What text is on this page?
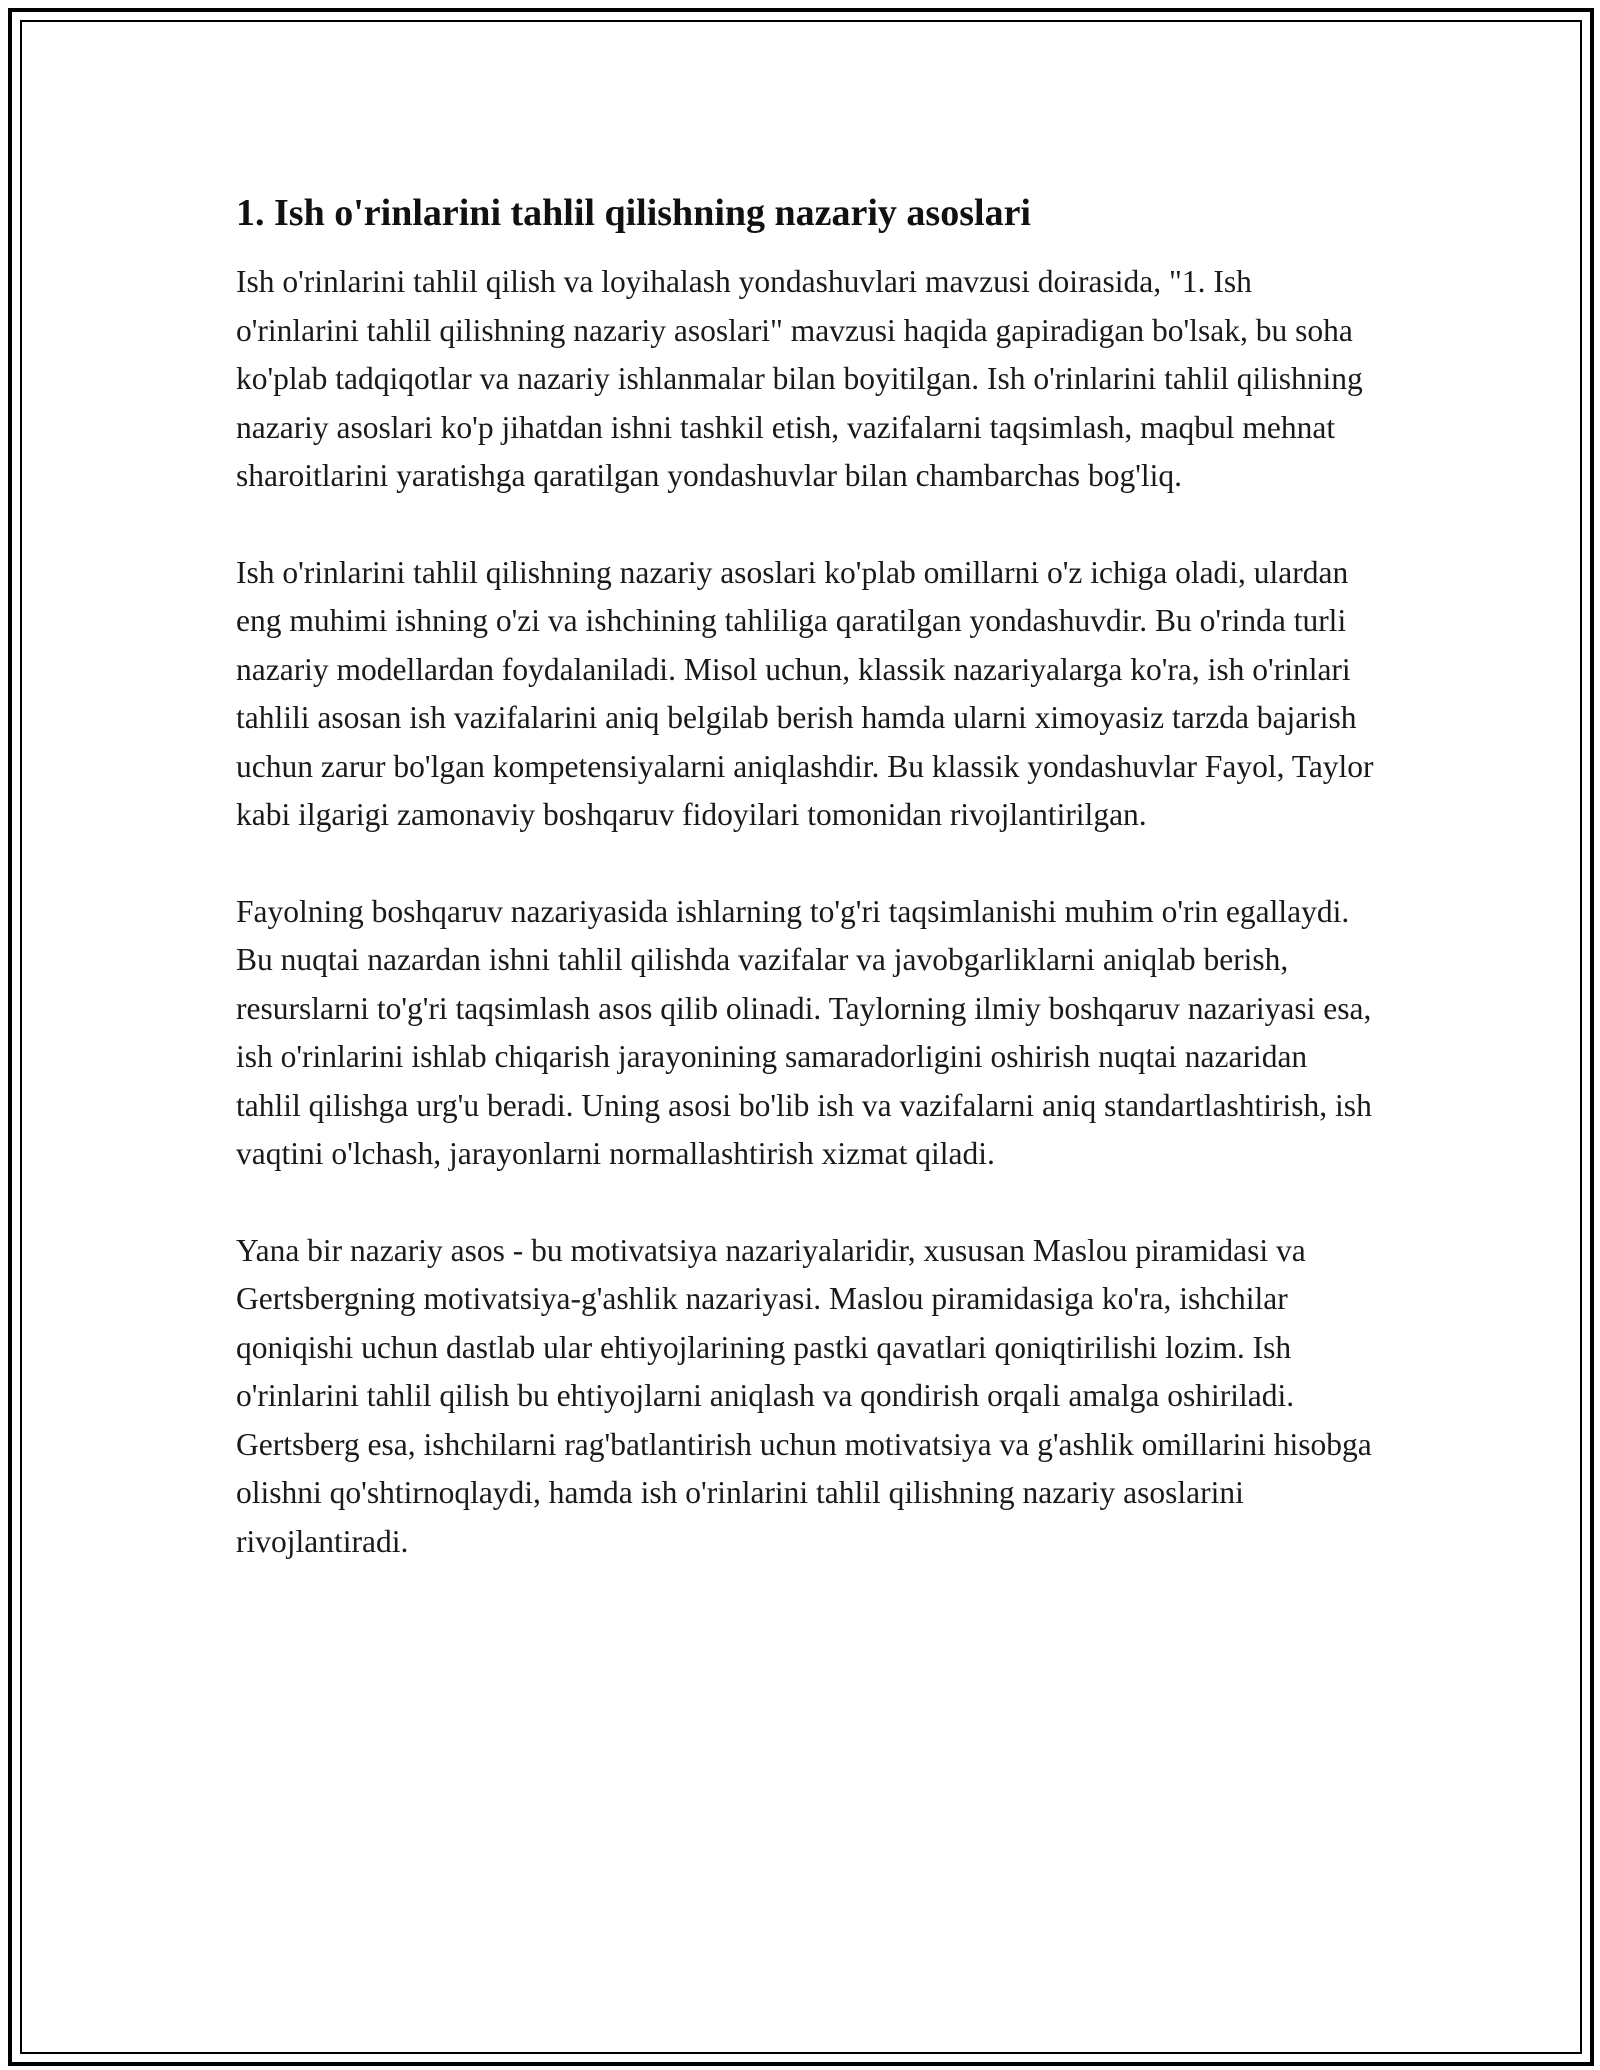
1. Ish o'rinlarini tahlil qilishning nazariy asoslari

Ish o'rinlarini tahlil qilish va loyihalash yondashuvlari mavzusi doirasida, "1. Ish o'rinlarini tahlil qilishning nazariy asoslari" mavzusi haqida gapiradigan bo'lsak, bu soha ko'plab tadqiqotlar va nazariy ishlanmalar bilan boyitilgan. Ish o'rinlarini tahlil qilishning nazariy asoslari ko'p jihatdan ishni tashkil etish, vazifalarni taqsimlash, maqbul mehnat sharoitlarini yaratishga qaratilgan yondashuvlar bilan chambarchas bog'liq.

Ish o'rinlarini tahlil qilishning nazariy asoslari ko'plab omillarni o'z ichiga oladi, ulardan eng muhimi ishning o'zi va ishchining tahliliga qaratilgan yondashuvdir. Bu o'rinda turli nazariy modellardan foydalaniladi. Misol uchun, klassik nazariyalarga ko'ra, ish o'rinlari tahlili asosan ish vazifalarini aniq belgilab berish hamda ularni ximoyasiz tarzda bajarish uchun zarur bo'lgan kompetensiyalarni aniqlashdir. Bu klassik yondashuvlar Fayol, Taylor kabi ilgarigi zamonaviy boshqaruv fidoyilari tomonidan rivojlantirilgan.

Fayolning boshqaruv nazariyasida ishlarning to'g'ri taqsimlanishi muhim o'rin egallaydi. Bu nuqtai nazardan ishni tahlil qilishda vazifalar va javobgarliklarni aniqlab berish, resurslarni to'g'ri taqsimlash asos qilib olinadi. Taylorning ilmiy boshqaruv nazariyasi esa, ish o'rinlarini ishlab chiqarish jarayonining samaradorligini oshirish nuqtai nazaridan tahlil qilishga urg'u beradi. Uning asosi bo'lib ish va vazifalarni aniq standartlashtirish, ish vaqtini o'lchash, jarayonlarni normallashtirish xizmat qiladi.

Yana bir nazariy asos - bu motivatsiya nazariyalaridir, xususan Maslou piramidasi va Gertsbergning motivatsiya-g'ashlik nazariyasi. Maslou piramidasiga ko'ra, ishchilar qoniqishi uchun dastlab ular ehtiyojlarining pastki qavatlari qoniqtirilishi lozim. Ish o'rinlarini tahlil qilish bu ehtiyojlarni aniqlash va qondirish orqali amalga oshiriladi. Gertsberg esa, ishchilarni rag'batlantirish uchun motivatsiya va g'ashlik omillarini hisobga olishni qo'shtirnoqlaydi, hamda ish o'rinlarini tahlil qilishning nazariy asoslarini rivojlantiradi.
